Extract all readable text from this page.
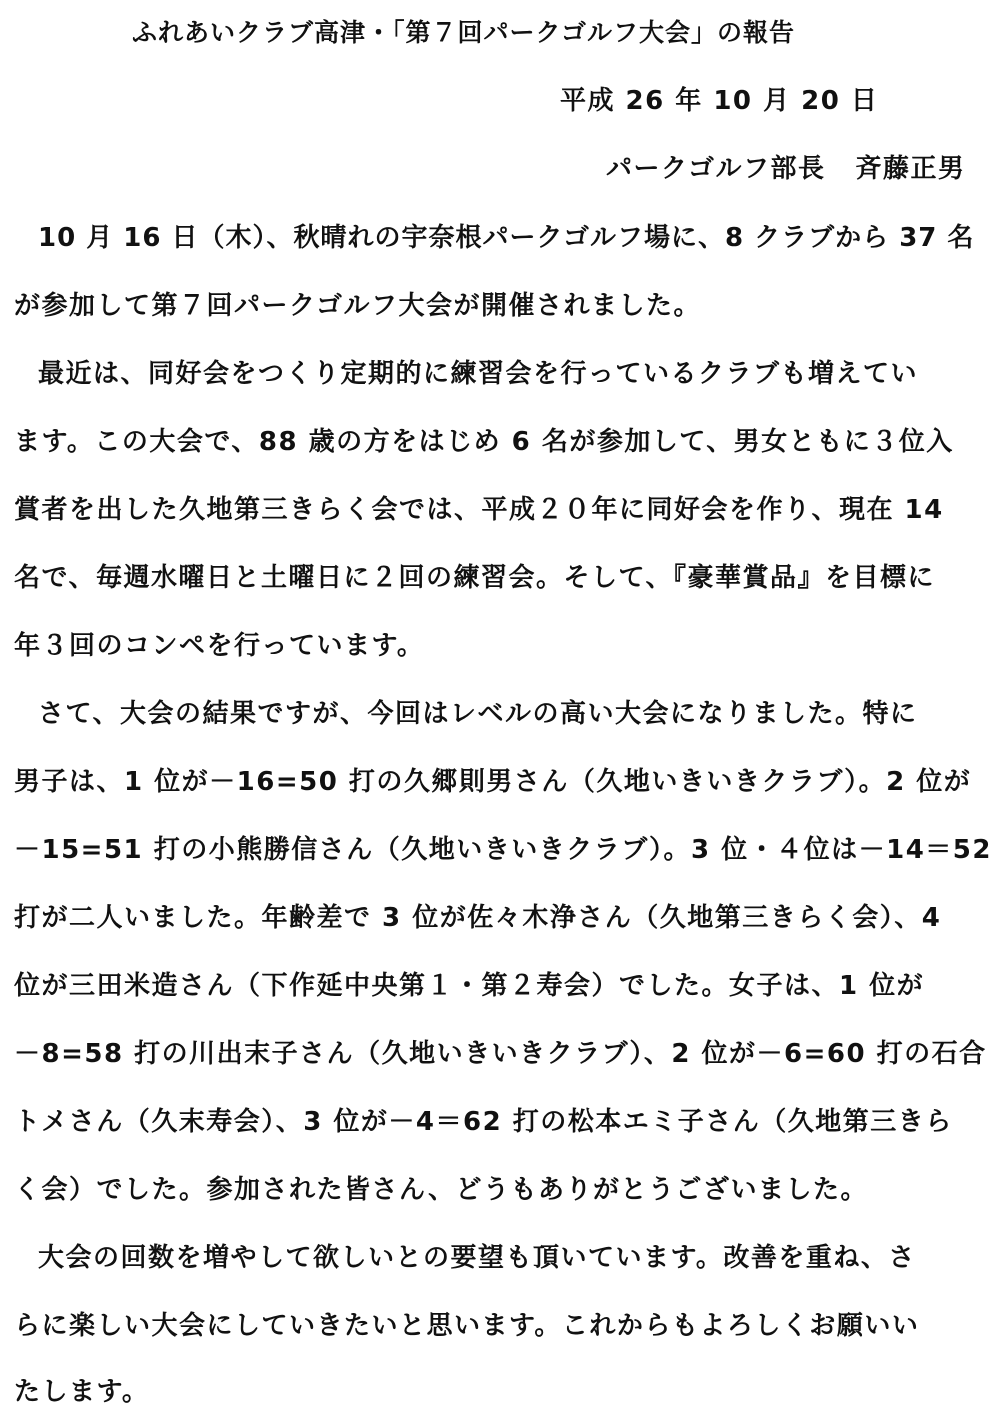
ふれあいクラブ高津・「第７回パークゴルフ大会」の報告
平成 26 年 10 月 20 日
パークゴルフ部長 斉藤正男

10 月 16 日（木）、秋晴れの宇奈根パークゴルフ場に、8 クラブから 37 名

が参加して第７回パークゴルフ大会が開催されました。

最近は、同好会をつくり定期的に練習会を行っているクラブも増えてい

ます。この大会で、88 歳の方をはじめ 6 名が参加して、男女ともに３位入

賞者を出した久地第三きらく会では、平成２０年に同好会を作り、現在 14

名で、毎週水曜日と土曜日に２回の練習会。そして、『豪華賞品』を目標に

年３回のコンペを行っています。

さて、大会の結果ですが、今回はレベルの高い大会になりました。特に

男子は、1 位が－16=50 打の久郷則男さん（久地いきいきクラブ）。2 位が

－15=51 打の小熊勝信さん（久地いきいきクラブ）。3 位・４位は－14＝52

打が二人いました。年齢差で 3 位が佐々木浄さん（久地第三きらく会）、4

位が三田米造さん（下作延中央第１・第２寿会）でした。女子は、1 位が

－8=58 打の川出末子さん（久地いきいきクラブ）、2 位が－6=60 打の石合

トメさん（久末寿会）、3 位が－4＝62 打の松本エミ子さん（久地第三きら

く会）でした。参加された皆さん、どうもありがとうございました。

大会の回数を増やして欲しいとの要望も頂いています。改善を重ね、さ

らに楽しい大会にしていきたいと思います。これからもよろしくお願いい

たします。
